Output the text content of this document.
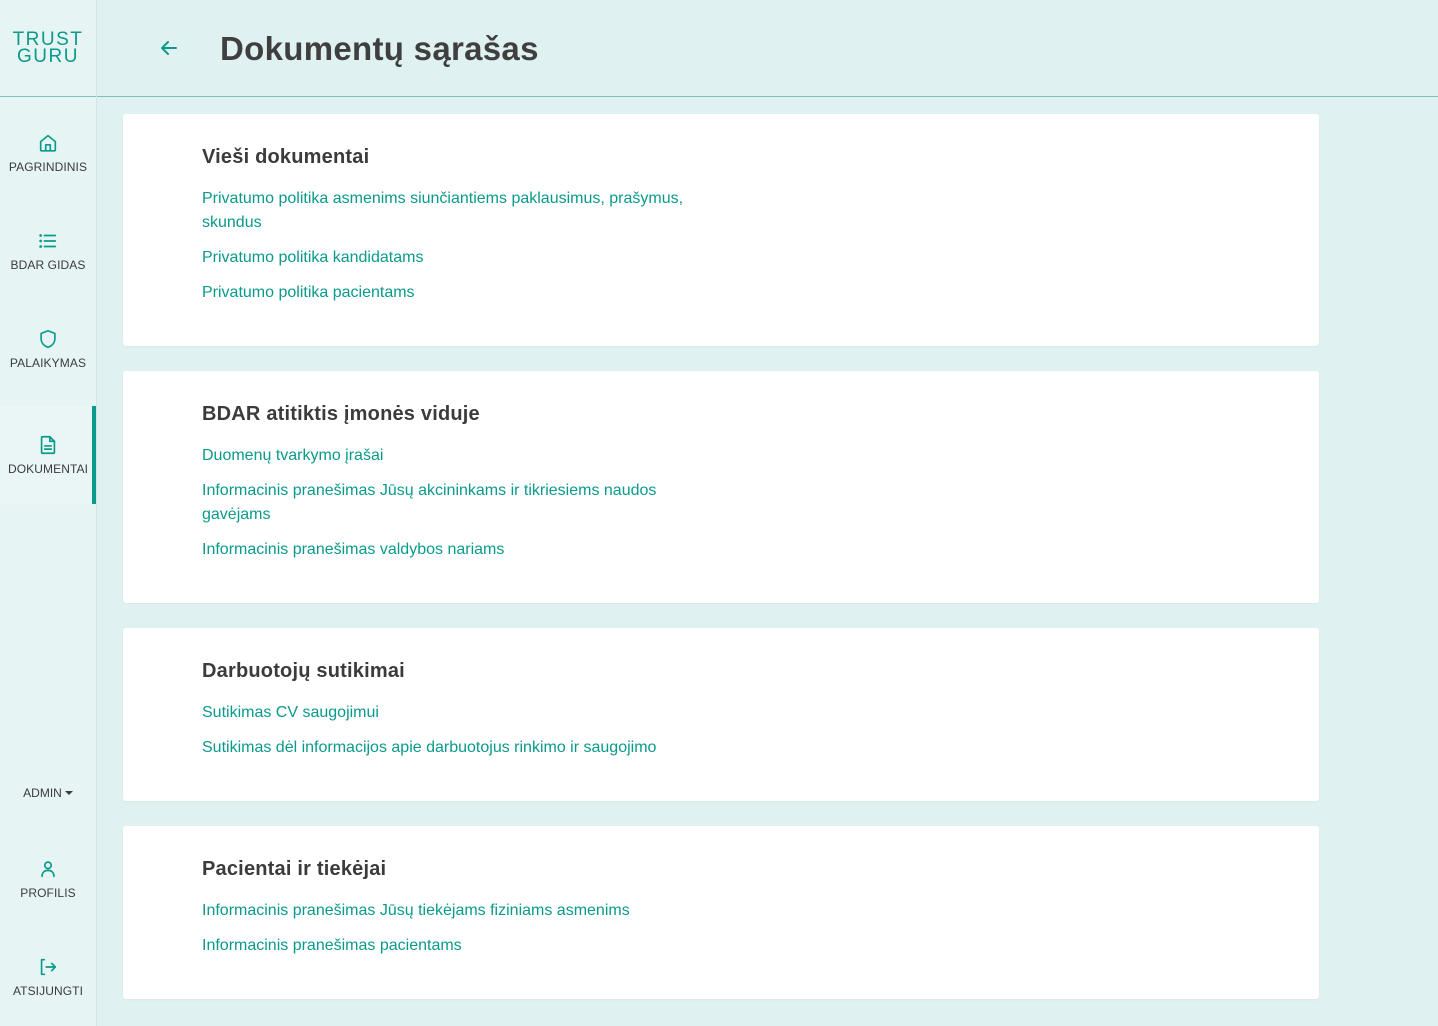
TRUST
GURU
PAGRINDINIS
BDAR GIDAS
PALAIKYMAS
DOKUMENTAI
ADMIN
PROFILIS
ATSIJUNGTI
Dokumentų sąrašas
Vieši dokumentai
Privatumo politika asmenims siunčiantiems paklausimus, prašymus, skundus
Privatumo politika kandidatams
Privatumo politika pacientams
BDAR atitiktis įmonės viduje
Duomenų tvarkymo įrašai
Informacinis pranešimas Jūsų akcininkams ir tikriesiems naudos gavėjams
Informacinis pranešimas valdybos nariams
Darbuotojų sutikimai
Sutikimas CV saugojimui
Sutikimas dėl informacijos apie darbuotojus rinkimo ir saugojimo
Pacientai ir tiekėjai
Informacinis pranešimas Jūsų tiekėjams fiziniams asmenims
Informacinis pranešimas pacientams
